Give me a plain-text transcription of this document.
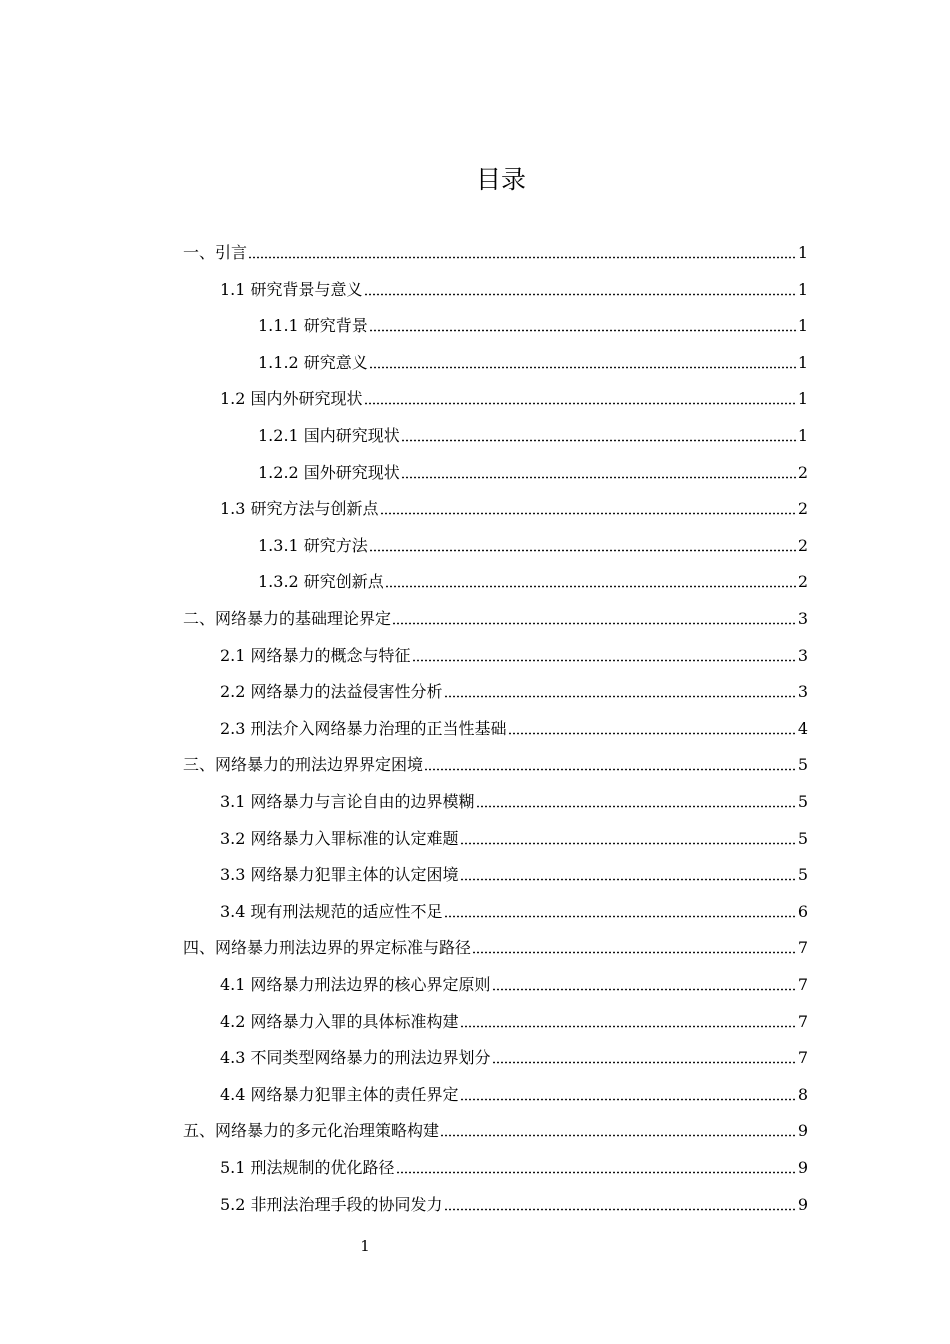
目录
一、引言	1
1.1 研究背景与意义	1
1.1.1 研究背景	1
1.1.2 研究意义	1
1.2 国内外研究现状	1
1.2.1 国内研究现状	1
1.2.2 国外研究现状	2
1.3 研究方法与创新点	2
1.3.1 研究方法	2
1.3.2 研究创新点	2
二、网络暴力的基础理论界定	3
2.1 网络暴力的概念与特征	3
2.2 网络暴力的法益侵害性分析	3
2.3 刑法介入网络暴力治理的正当性基础	4
三、网络暴力的刑法边界界定困境	5
3.1 网络暴力与言论自由的边界模糊	5
3.2 网络暴力入罪标准的认定难题	5
3.3 网络暴力犯罪主体的认定困境	5
3.4 现有刑法规范的适应性不足	6
四、网络暴力刑法边界的界定标准与路径	7
4.1 网络暴力刑法边界的核心界定原则	7
4.2 网络暴力入罪的具体标准构建	7
4.3 不同类型网络暴力的刑法边界划分	7
4.4 网络暴力犯罪主体的责任界定	8
五、网络暴力的多元化治理策略构建	9
5.1 刑法规制的优化路径	9
5.2 非刑法治理手段的协同发力	9
1
